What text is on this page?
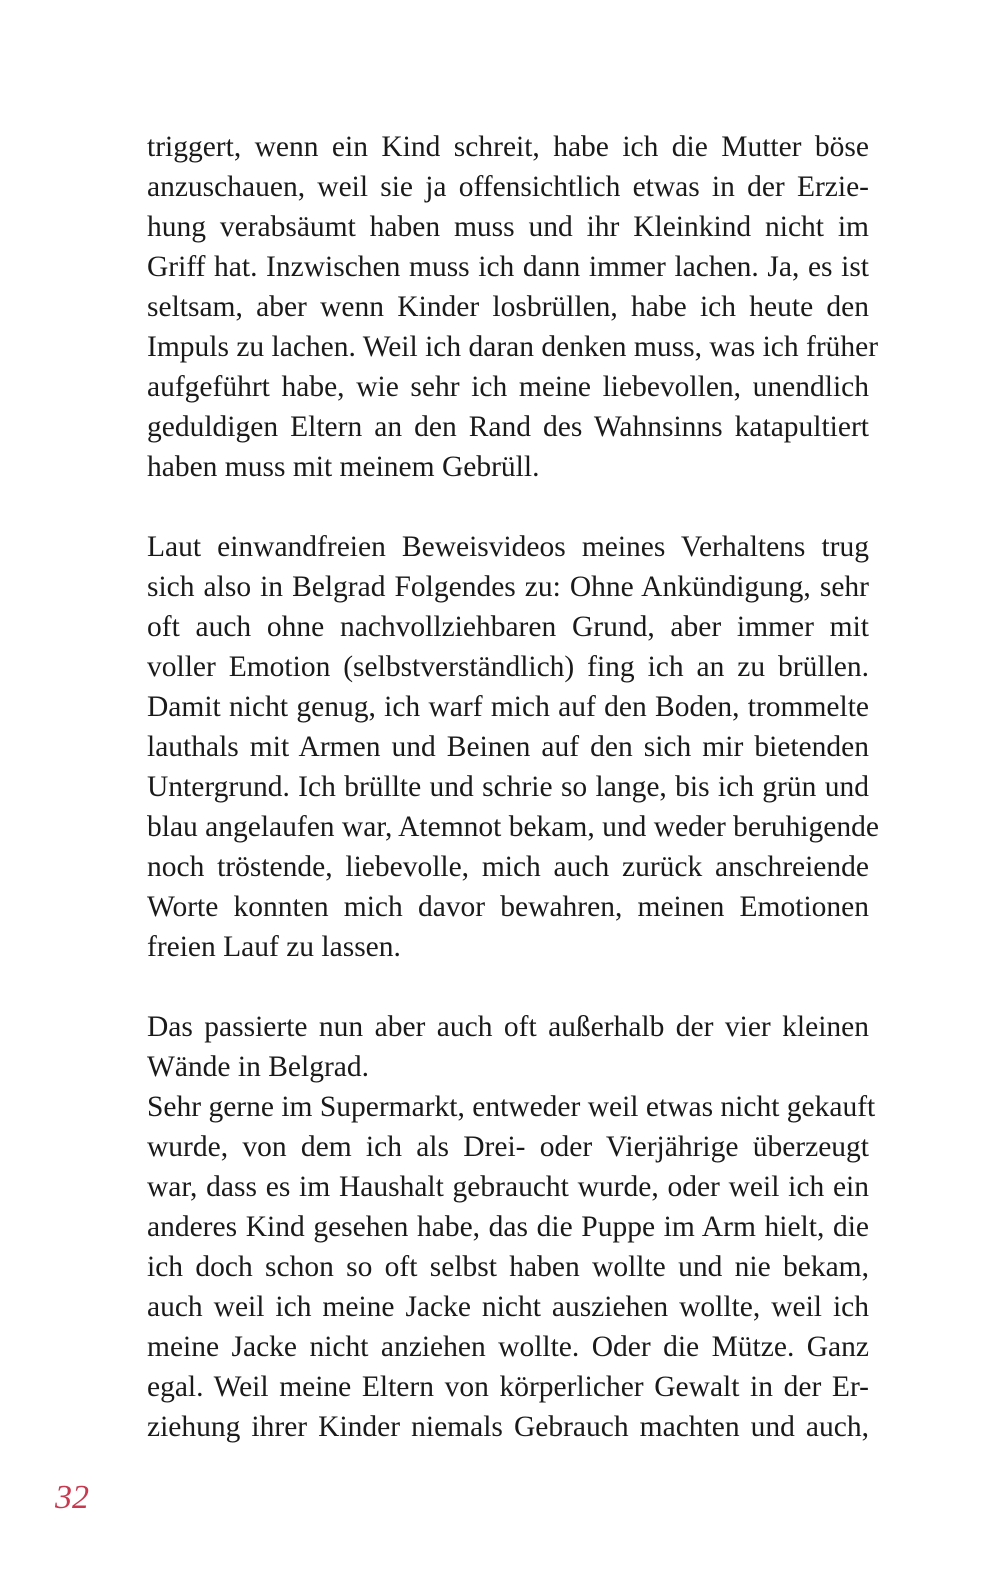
triggert, wenn ein Kind schreit, habe ich die Mutter böse
anzuschauen, weil sie ja offensichtlich etwas in der Erzie-
hung verabsäumt haben muss und ihr Kleinkind nicht im
Griff hat. Inzwischen muss ich dann immer lachen. Ja, es ist
seltsam, aber wenn Kinder losbrüllen, habe ich heute den
Impuls zu lachen. Weil ich daran denken muss, was ich früher
aufgeführt habe, wie sehr ich meine liebevollen, unendlich
geduldigen Eltern an den Rand des Wahnsinns katapultiert
haben muss mit meinem Gebrüll.
Laut einwandfreien Beweisvideos meines Verhaltens trug
sich also in Belgrad Folgendes zu: Ohne Ankündigung, sehr
oft auch ohne nachvollziehbaren Grund, aber immer mit
voller Emotion (selbstverständlich) fing ich an zu brüllen.
Damit nicht genug, ich warf mich auf den Boden, trommelte
lauthals mit Armen und Beinen auf den sich mir bietenden
Untergrund. Ich brüllte und schrie so lange, bis ich grün und
blau angelaufen war, Atemnot bekam, und weder beruhigende
noch tröstende, liebevolle, mich auch zurück anschreiende
Worte konnten mich davor bewahren, meinen Emotionen
freien Lauf zu lassen.
Das passierte nun aber auch oft außerhalb der vier kleinen
Wände in Belgrad.
Sehr gerne im Supermarkt, entweder weil etwas nicht gekauft
wurde, von dem ich als Drei- oder Vierjährige überzeugt
war, dass es im Haushalt gebraucht wurde, oder weil ich ein
anderes Kind gesehen habe, das die Puppe im Arm hielt, die
ich doch schon so oft selbst haben wollte und nie bekam,
auch weil ich meine Jacke nicht ausziehen wollte, weil ich
meine Jacke nicht anziehen wollte. Oder die Mütze. Ganz
egal. Weil meine Eltern von körperlicher Gewalt in der Er-
ziehung ihrer Kinder niemals Gebrauch machten und auch,
32
